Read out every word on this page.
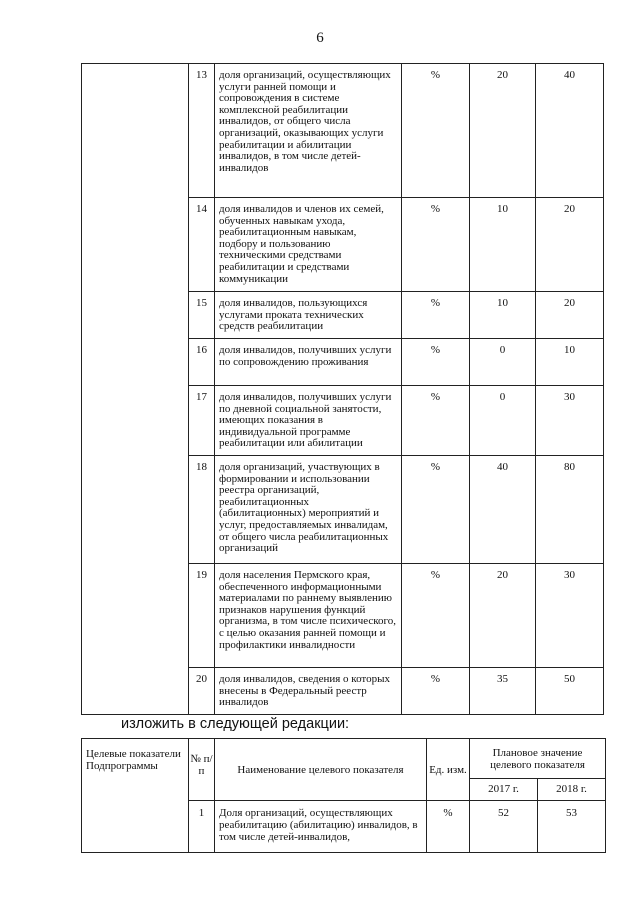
6
	13	доля организаций, осуществляющих услуги ранней помощи и сопровождения в системе комплексной реабилитации инвалидов, от общего числа организаций, оказывающих услуги реабилитации и абилитации инвалидов, в том числе детей-инвалидов	%	20	40
	14	доля инвалидов и членов их семей, обученных навыкам ухода, реабилитационным навыкам, подбору и пользованию техническими средствами реабилитации и средствами коммуникации	%	10	20
	15	доля инвалидов, пользующихся услугами проката технических средств реабилитации	%	10	20
	16	доля инвалидов, получивших услуги по сопровождению проживания	%	0	10
	17	доля инвалидов, получивших услуги по дневной социальной занятости, имеющих показания в индивидуальной программе реабилитации или абилитации	%	0	30
	18	доля организаций, участвующих в формировании и использовании реестра организаций, реабилитационных (абилитационных) мероприятий и услуг, предоставляемых инвалидам, от общего числа реабилитационных организаций	%	40	80
	19	доля населения Пермского края, обеспеченного информационными материалами по раннему выявлению признаков нарушения функций организма, в том числе психического, с целью оказания ранней помощи и профилактики инвалидности	%	20	30
	20	доля инвалидов, сведения о которых внесены в Федеральный реестр инвалидов	%	35	50
изложить в следующей редакции:
Целевые показатели Подпрограммы	№ п/п	Наименование целевого показателя	Ед. изм.	Плановое значение целевого показателя	
				2017 г.	2018 г.
	1	Доля организаций, осуществляющих реабилитацию (абилитацию) инвалидов, в том числе детей-инвалидов,	%	52	53
